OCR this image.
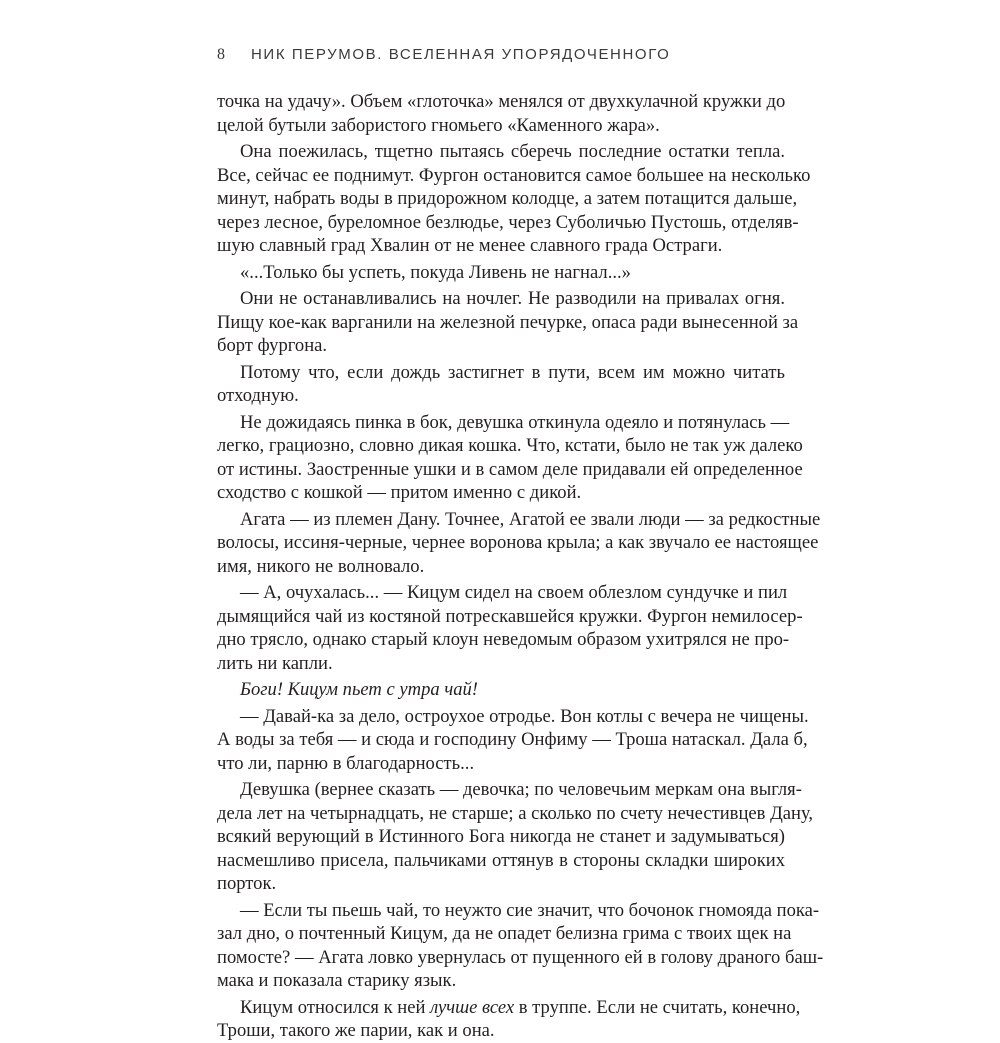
8 НИК ПЕРУМОВ. ВСЕЛЕННАЯ УПОРЯДОЧЕННОГО
точка на удачу». Объем «глоточка» менялся от двухкулачной кружки до
целой бутыли забористого гномьего «Каменного жара».
Она поежилась, тщетно пытаясь сберечь последние остатки тепла.
Все, сейчас ее поднимут. Фургон остановится самое большее на несколько
минут, набрать воды в придорожном колодце, а затем потащится дальше,
через лесное, буреломное безлюдье, через Суболичью Пустошь, отделяв-
шую славный град Хвалин от не менее славного града Остраги.
«...Только бы успеть, покуда Ливень не нагнал...»
Они не останавливались на ночлег. Не разводили на привалах огня.
Пищу кое-как варганили на железной печурке, опаса ради вынесенной за
борт фургона.
Потому что, если дождь застигнет в пути, всем им можно читать
отходную.
Не дожидаясь пинка в бок, девушка откинула одеяло и потянулась —
легко, грациозно, словно дикая кошка. Что, кстати, было не так уж далеко
от истины. Заостренные ушки и в самом деле придавали ей определенное
сходство с кошкой — притом именно с дикой.
Агата — из племен Дану. Точнее, Агатой ее звали люди — за редкостные
волосы, иссиня-черные, чернее воронова крыла; а как звучало ее настоящее
имя, никого не волновало.
— А, очухалась... — Кицум сидел на своем облезлом сундучке и пил
дымящийся чай из костяной потрескавшейся кружки. Фургон немилосер-
дно трясло, однако старый клоун неведомым образом ухитрялся не про-
лить ни капли.
Боги! Кицум пьет с утра чай!
— Давай-ка за дело, остроухое отродье. Вон котлы с вечера не чищены.
А воды за тебя — и сюда и господину Онфиму — Троша натаскал. Дала б,
что ли, парню в благодарность...
Девушка (вернее сказать — девочка; по человечьим меркам она выгля-
дела лет на четырнадцать, не старше; а сколько по счету нечестивцев Дану,
всякий верующий в Истинного Бога никогда не станет и задумываться)
насмешливо присела, пальчиками оттянув в стороны складки широких
порток.
— Если ты пьешь чай, то неужто сие значит, что бочонок гномояда пока-
зал дно, о почтенный Кицум, да не опадет белизна грима с твоих щек на
помосте? — Агата ловко увернулась от пущенного ей в голову драного баш-
мака и показала старику язык.
Кицум относился к ней лучше всех в труппе. Если не считать, конечно,
Троши, такого же парии, как и она.
